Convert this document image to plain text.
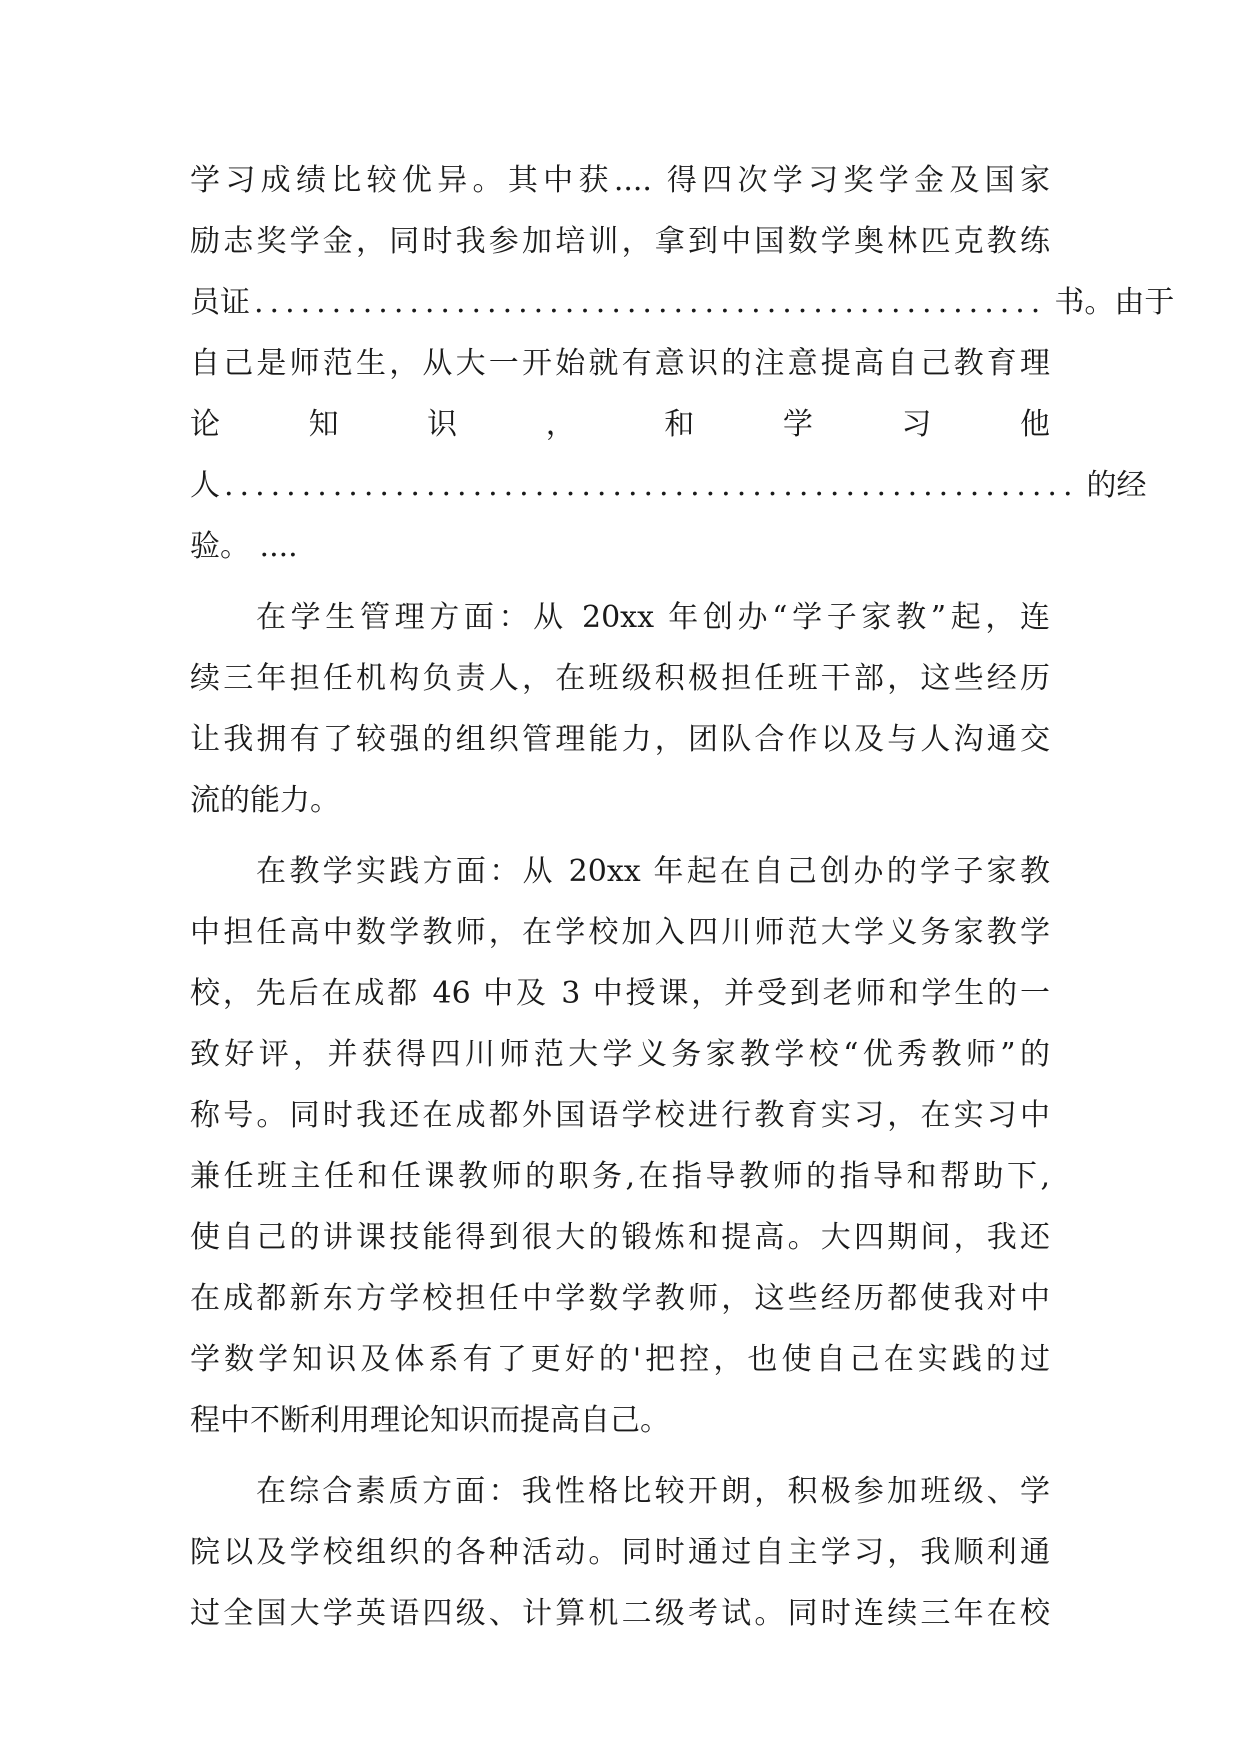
学习成绩比较优异。其中获.... 得四次学习奖学金及国家
励志奖学金，同时我参加培训，拿到中国数学奥林匹克教练
员证 ................................................... 书。由于
自己是师范生，从大一开始就有意识的注意提高自己教育理
论	知	识	，	和	学	习	他
人 ....................................................... 的经
验。 ....
在学生管理方面：从 20xx 年创办“学子家教”起，连
续三年担任机构负责人，在班级积极担任班干部，这些经历
让我拥有了较强的组织管理能力，团队合作以及与人沟通交
流的能力。
在教学实践方面：从 20xx 年起在自己创办的学子家教
中担任高中数学教师，在学校加入四川师范大学义务家教学
校，先后在成都 46 中及 3 中授课，并受到老师和学生的一
致好评，并获得四川师范大学义务家教学校“优秀教师”的
称号。同时我还在成都外国语学校进行教育实习，在实习中
兼任班主任和任课教师的职务,在指导教师的指导和帮助下,
使自己的讲课技能得到很大的锻炼和提高。大四期间，我还
在成都新东方学校担任中学数学教师，这些经历都使我对中
学数学知识及体系有了更好的'把控，也使自己在实践的过
程中不断利用理论知识而提高自己。
在综合素质方面：我性格比较开朗，积极参加班级、学
院以及学校组织的各种活动。同时通过自主学习，我顺利通
过全国大学英语四级、计算机二级考试。同时连续三年在校
